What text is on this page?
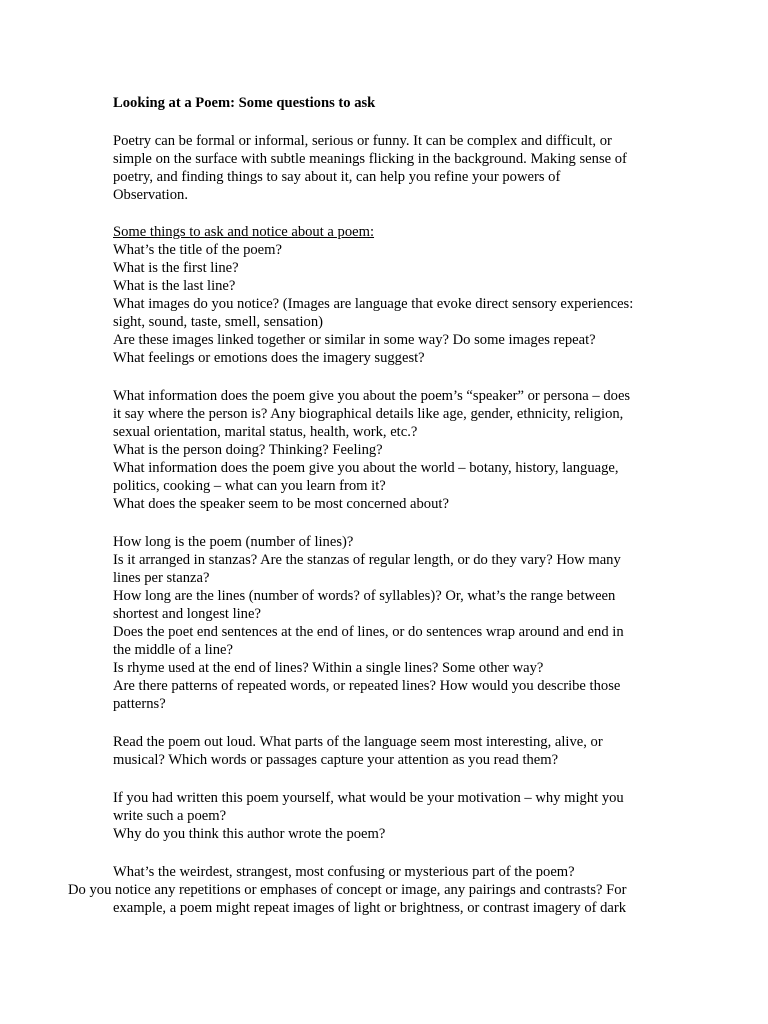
Looking at a Poem: Some questions to ask
Poetry can be formal or informal, serious or funny. It can be complex and difficult, or
simple on the surface with subtle meanings flicking in the background. Making sense of
poetry, and finding things to say about it, can help you refine your powers of
Observation.
Some things to ask and notice about a poem:
What’s the title of the poem?
What is the first line?
What is the last line?
What images do you notice? (Images are language that evoke direct sensory experiences:
sight, sound, taste, smell, sensation)
Are these images linked together or similar in some way? Do some images repeat?
What feelings or emotions does the imagery suggest?
What information does the poem give you about the poem’s “speaker” or persona – does
it say where the person is? Any biographical details like age, gender, ethnicity, religion,
sexual orientation, marital status, health, work, etc.?
What is the person doing? Thinking? Feeling?
What information does the poem give you about the world – botany, history, language,
politics, cooking – what can you learn from it?
What does the speaker seem to be most concerned about?
How long is the poem (number of lines)?
Is it arranged in stanzas? Are the stanzas of regular length, or do they vary? How many
lines per stanza?
How long are the lines (number of words? of syllables)? Or, what’s the range between
shortest and longest line?
Does the poet end sentences at the end of lines, or do sentences wrap around and end in
the middle of a line?
Is rhyme used at the end of lines? Within a single lines? Some other way?
Are there patterns of repeated words, or repeated lines? How would you describe those
patterns?
Read the poem out loud. What parts of the language seem most interesting, alive, or
musical? Which words or passages capture your attention as you read them?
If you had written this poem yourself, what would be your motivation – why might you
write such a poem?
Why do you think this author wrote the poem?
What’s the weirdest, strangest, most confusing or mysterious part of the poem?
Do you notice any repetitions or emphases of concept or image, any pairings and contrasts? For
example, a poem might repeat images of light or brightness, or contrast imagery of dark
